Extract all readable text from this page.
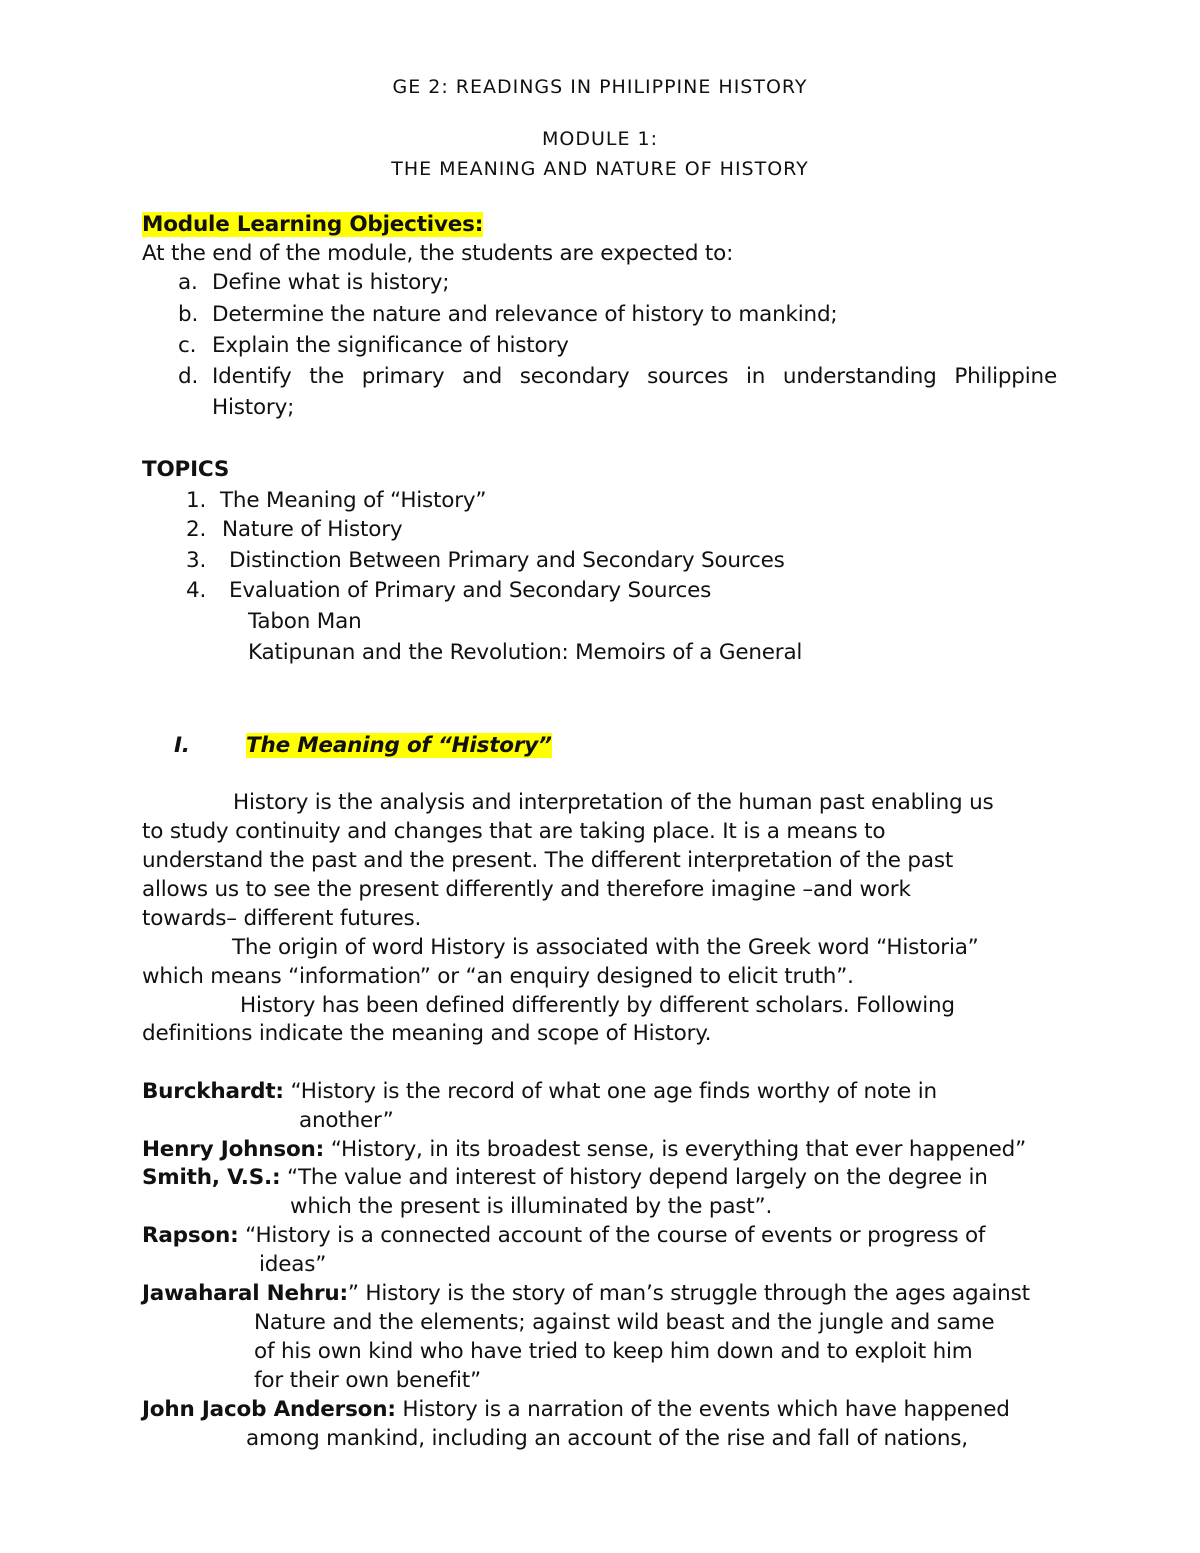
GE 2: READINGS IN PHILIPPINE HISTORY
MODULE 1:
THE MEANING AND NATURE OF HISTORY
Module Learning Objectives:
At the end of the module, the students are expected to:
a. Define what is history;
b. Determine the nature and relevance of history to mankind;
c. Explain the significance of history
d. Identify the primary and secondary sources in understanding Philippine
History;
TOPICS
1. The Meaning of “History”
2. Nature of History
3. Distinction Between Primary and Secondary Sources
4. Evaluation of Primary and Secondary Sources
Tabon Man
Katipunan and the Revolution: Memoirs of a General
I.	The Meaning of “History”
History is the analysis and interpretation of the human past enabling us
to study continuity and changes that are taking place. It is a means to
understand the past and the present. The different interpretation of the past
allows us to see the present differently and therefore imagine –and work
towards– different futures.
The origin of word History is associated with the Greek word “Historia”
which means “information” or “an enquiry designed to elicit truth”.
History has been defined differently by different scholars. Following
definitions indicate the meaning and scope of History.
Burckhardt: “History is the record of what one age finds worthy of note in
another”
Henry Johnson: “History, in its broadest sense, is everything that ever happened”
Smith, V.S.: “The value and interest of history depend largely on the degree in
which the present is illuminated by the past”.
Rapson: “History is a connected account of the course of events or progress of
ideas”
Jawaharal Nehru:” History is the story of man’s struggle through the ages against
Nature and the elements; against wild beast and the jungle and same
of his own kind who have tried to keep him down and to exploit him
for their own benefit”
John Jacob Anderson: History is a narration of the events which have happened
among mankind, including an account of the rise and fall of nations,
